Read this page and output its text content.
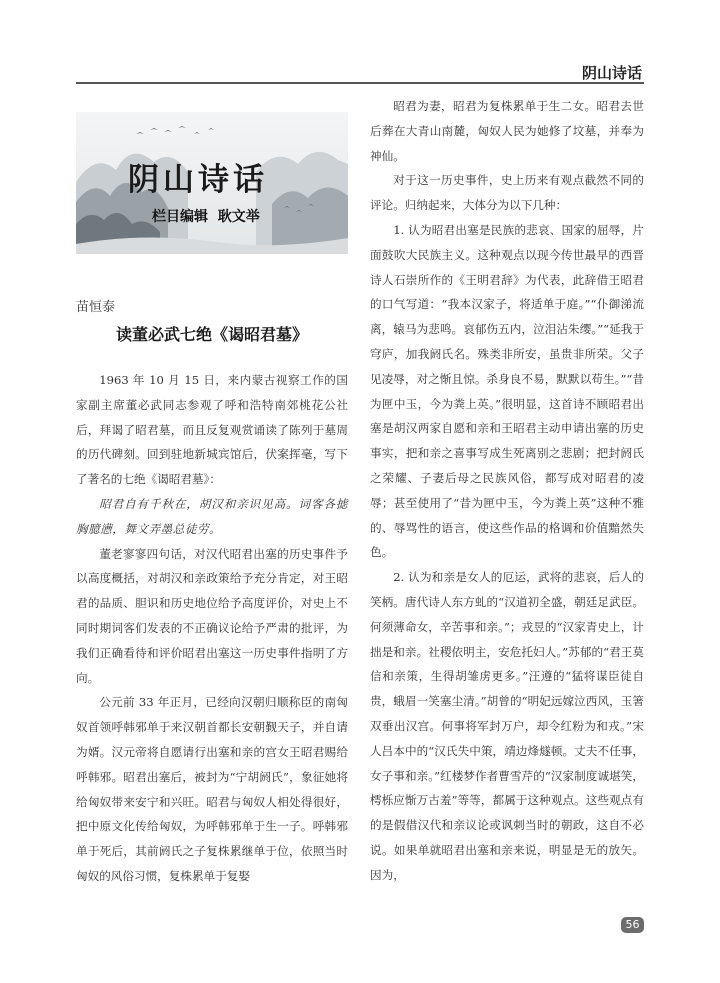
阴山诗话
阴山诗话
栏目编辑  耿文举
苗恒泰
读董必武七绝《谒昭君墓》

1963 年 10 月 15 日，来内蒙古视察工作的国家副主席董必武同志参观了呼和浩特南郊桃花公社后，拜谒了昭君墓，而且反复观赏诵读了陈列于墓周的历代碑刻。回到驻地新城宾馆后，伏案挥毫，写下了著名的七绝《谒昭君墓》：

昭君自有千秋在，胡汉和亲识见高。词客各摅胸臆懑，舞文弄墨总徒劳。

董老寥寥四句话，对汉代昭君出塞的历史事件予以高度概括，对胡汉和亲政策给予充分肯定，对王昭君的品质、胆识和历史地位给予高度评价，对史上不同时期词客们发表的不正确议论给予严肃的批评，为我们正确看待和评价昭君出塞这一历史事件指明了方向。

公元前 33 年正月，已经向汉朝归顺称臣的南匈奴首领呼韩邪单于来汉朝首都长安朝觐天子，并自请为婿。汉元帝将自愿请行出塞和亲的宫女王昭君赐给呼韩邪。昭君出塞后，被封为“宁胡阏氏”，象征她将给匈奴带来安宁和兴旺。昭君与匈奴人相处得很好，把中原文化传给匈奴，为呼韩邪单于生一子。呼韩邪单于死后，其前阏氏之子复株累继单于位，依照当时匈奴的风俗习惯，复株累单于复娶

昭君为妻，昭君为复株累单于生二女。昭君去世后葬在大青山南麓，匈奴人民为她修了坟墓，并奉为神仙。

对于这一历史事件，史上历来有观点截然不同的评论。归纳起来，大体分为以下几种：

1. 认为昭君出塞是民族的悲哀、国家的屈辱，片面鼓吹大民族主义。这种观点以现今传世最早的西晋诗人石崇所作的《王明君辞》为代表，此辞借王昭君的口气写道：“我本汉家子，将适单于庭。”“仆御涕流离，辕马为悲鸣。哀郁伤五内，泣泪沾朱缨。”“延我于穹庐，加我阏氏名。殊类非所安，虽贵非所荣。父子见凌辱，对之惭且惊。杀身良不易，默默以苟生。”“昔为匣中玉，今为粪上英。”很明显，这首诗不顾昭君出塞是胡汉两家自愿和亲和王昭君主动申请出塞的历史事实，把和亲之喜事写成生死离别之悲剧；把封阏氏之荣耀、子妻后母之民族风俗，都写成对昭君的凌辱；甚至使用了“昔为匣中玉，今为粪上英”这种不雅的、辱骂性的语言，使这些作品的格调和价值黯然失色。

2. 认为和亲是女人的厄运，武将的悲哀，后人的笑柄。唐代诗人东方虬的“汉道初全盛，朝廷足武臣。何须薄命女，辛苦事和亲。”；戎昱的“汉家青史上，计拙是和亲。社稷依明主，安危托妇人。”苏郁的“君王莫信和亲策，生得胡雏虏更多。”汪遵的“猛将谋臣徒自贵，蛾眉一笑塞尘清。”胡曾的“明妃远嫁泣西风，玉箸双垂出汉宫。何事将军封万户，却令红粉为和戎。”宋人吕本中的“汉氏失中策，靖边烽燧顿。丈夫不任事，女子事和亲。”红楼梦作者曹雪芹的“汉家制度诚堪笑，樗栎应惭万古羞”等等，都属于这种观点。这些观点有的是假借汉代和亲议论或讽刺当时的朝政，这自不必说。如果单就昭君出塞和亲来说，明显是无的放矢。因为，

56
